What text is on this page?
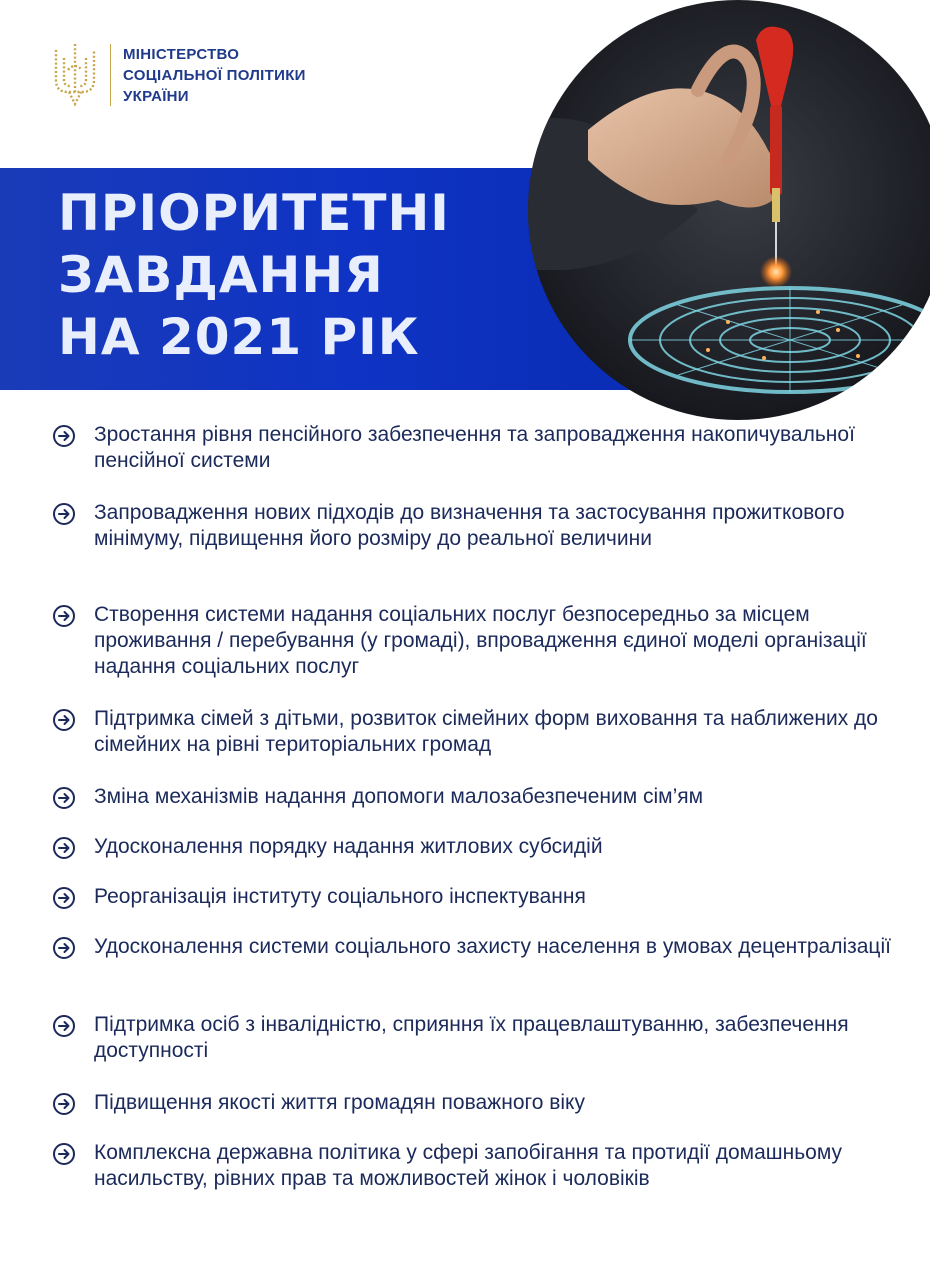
МІНІСТЕРСТВО
СОЦІАЛЬНОЇ ПОЛІТИКИ
УКРАЇНИ
ПРІОРИТЕТНІ
ЗАВДАННЯ
НА 2021 РІК
Зростання рівня пенсійного забезпечення та запровадження накопичувальної пенсійної системи
Запровадження нових підходів до визначення та застосування прожиткового мінімуму, підвищення його розміру до реальної величини
Створення системи надання соціальних послуг безпосередньо за місцем проживання / перебування (у громаді), впровадження єдиної моделі організації надання соціальних послуг
Підтримка сімей з дітьми, розвиток сімейних форм виховання та наближених до сімейних на рівні територіальних громад
Зміна механізмів надання допомоги малозабезпеченим сім’ям
Удосконалення порядку надання житлових субсидій
Реорганізація інституту соціального інспектування
Удосконалення системи соціального захисту населення в умовах децентралізації
Підтримка осіб з інвалідністю, сприяння їх працевлаштуванню, забезпечення доступності
Підвищення якості життя громадян поважного віку
Комплексна державна політика у сфері запобігання та протидії домашньому насильству, рівних прав та можливостей жінок і чоловіків
